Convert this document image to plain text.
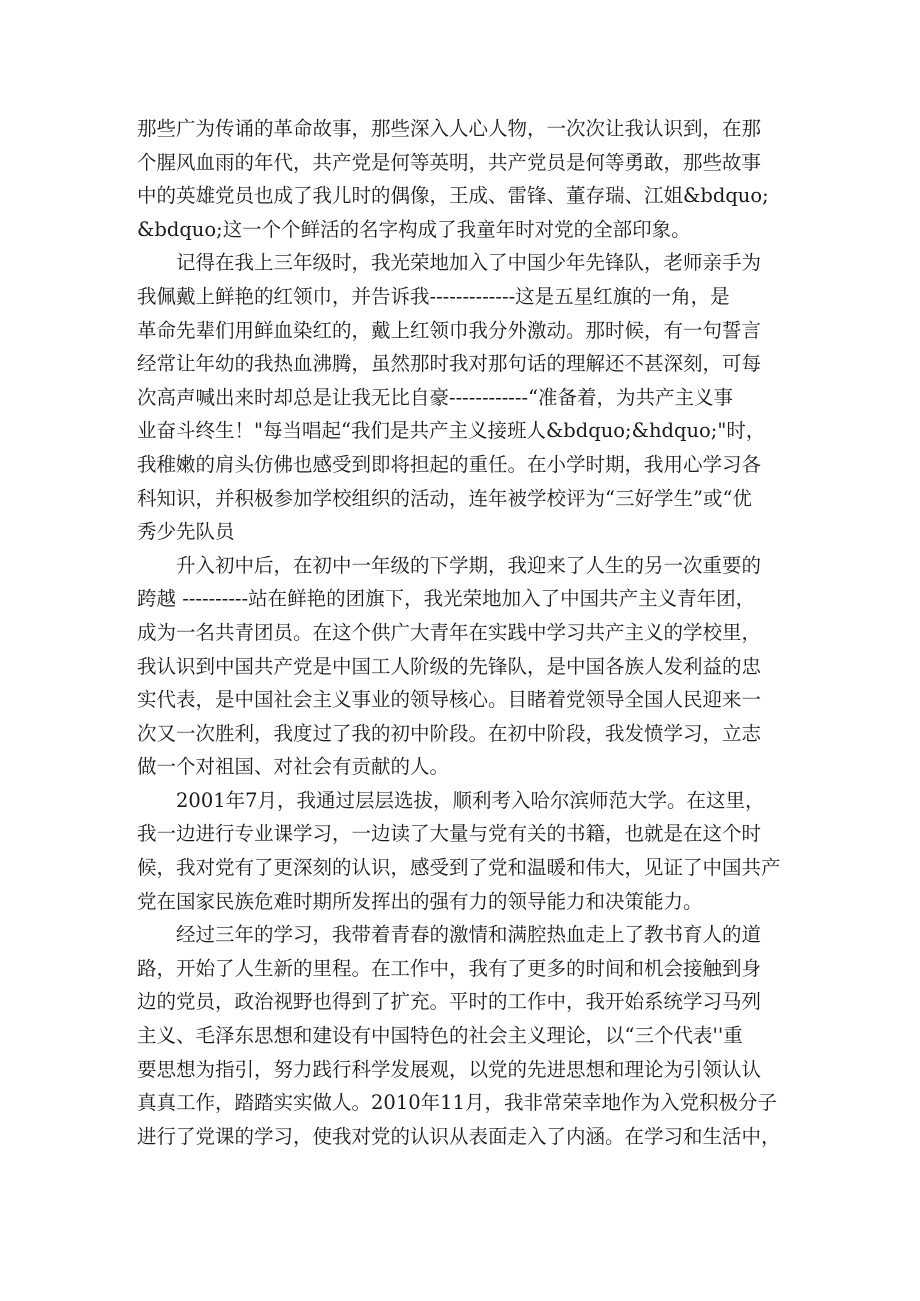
那些广为传诵的革命故事，那些深入人心人物，一次次让我认识到，在那
个腥风血雨的年代，共产党是何等英明，共产党员是何等勇敢，那些故事
中的英雄党员也成了我儿时的偶像，王成、雷锋、董存瑞、江姐&bdquo;
&bdquo;这一个个鲜活的名字构成了我童年时对党的全部印象。
记得在我上三年级时，我光荣地加入了中国少年先锋队，老师亲手为
我佩戴上鲜艳的红领巾，并告诉我-------------这是五星红旗的一角，是
革命先辈们用鲜血染红的，戴上红领巾我分外激动。那时候，有一句誓言
经常让年幼的我热血沸腾，虽然那时我对那句话的理解还不甚深刻，可每
次高声喊出来时却总是让我无比自豪------------“准备着，为共产主义事
业奋斗终生！"每当唱起“我们是共产主义接班人&bdquo;&hdquo;"时，
我稚嫩的肩头仿佛也感受到即将担起的重任。在小学时期，我用心学习各
科知识，并积极参加学校组织的活动，连年被学校评为“三好学生”或“优
秀少先队员
升入初中后，在初中一年级的下学期，我迎来了人生的另一次重要的
跨越 ----------站在鲜艳的团旗下，我光荣地加入了中国共产主义青年团，
成为一名共青团员。在这个供广大青年在实践中学习共产主义的学校里，
我认识到中国共产党是中国工人阶级的先锋队，是中国各族人发利益的忠
实代表，是中国社会主义事业的领导核心。目睹着党领导全国人民迎来一
次又一次胜利，我度过了我的初中阶段。在初中阶段，我发愤学习，立志
做一个对祖国、对社会有贡献的人。
2001年7月，我通过层层选拔，顺利考入哈尔滨师范大学。在这里，
我一边进行专业课学习，一边读了大量与党有关的书籍，也就是在这个时
候，我对党有了更深刻的认识，感受到了党和温暖和伟大，见证了中国共产
党在国家民族危难时期所发挥出的强有力的领导能力和决策能力。
经过三年的学习，我带着青春的激情和满腔热血走上了教书育人的道
路，开始了人生新的里程。在工作中，我有了更多的时间和机会接触到身
边的党员，政治视野也得到了扩充。平时的工作中，我开始系统学习马列
主义、毛泽东思想和建设有中国特色的社会主义理论，以“三个代表''重
要思想为指引，努力践行科学发展观，以党的先进思想和理论为引领认认
真真工作，踏踏实实做人。2010年11月，我非常荣幸地作为入党积极分子
进行了党课的学习，使我对党的认识从表面走入了内涵。在学习和生活中，
